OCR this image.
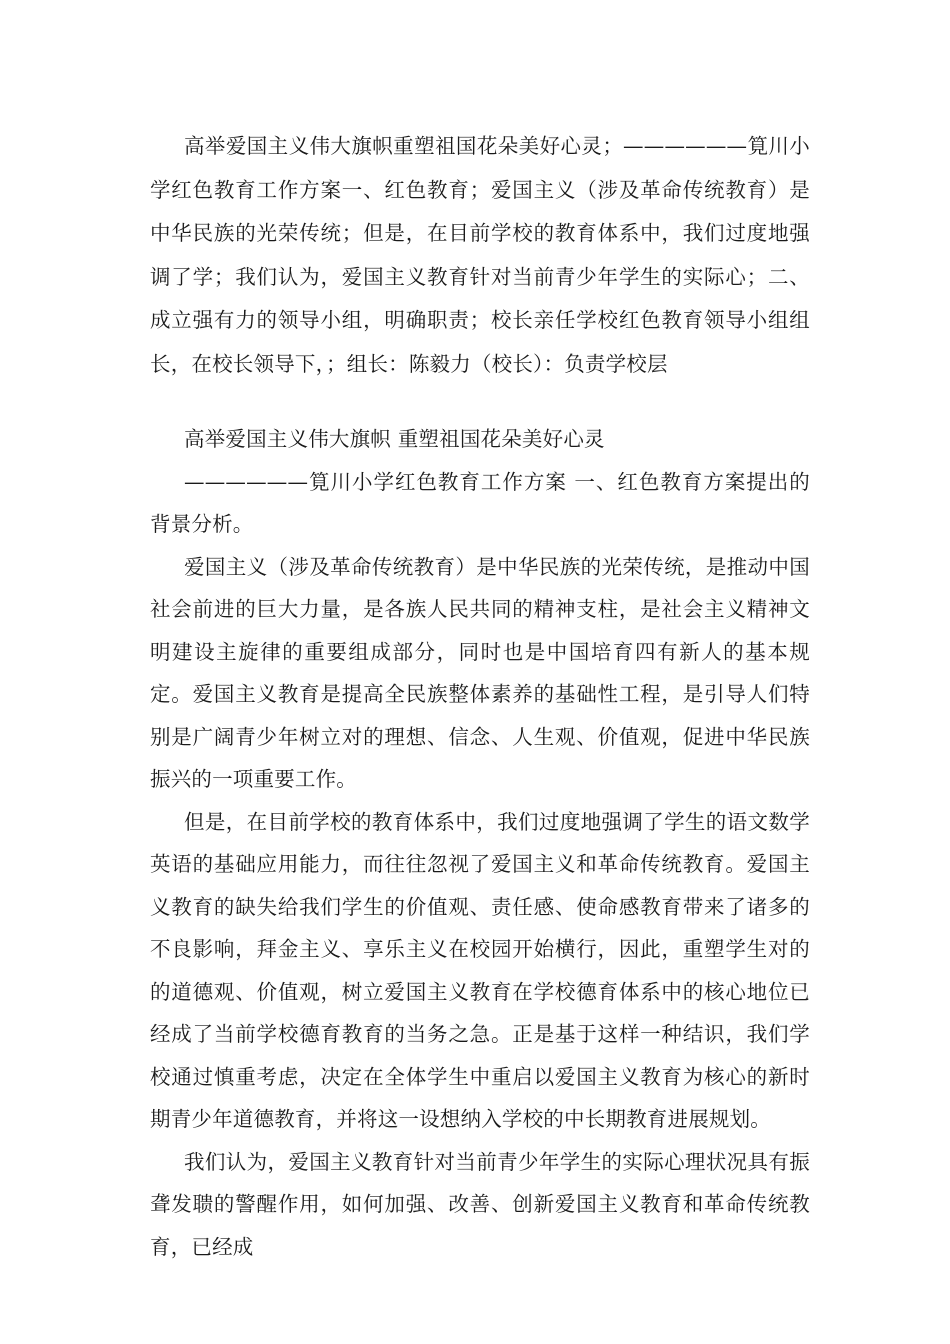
高举爱国主义伟大旗帜重塑祖国花朵美好心灵；——————筧川小学红色教育工作方案一、红色教育；爱国主义（涉及革命传统教育）是中华民族的光荣传统；但是，在目前学校的教育体系中，我们过度地强调了学；我们认为，爱国主义教育针对当前青少年学生的实际心；二、成立强有力的领导小组，明确职责；校长亲任学校红色教育领导小组组长，在校长领导下，；组长：陈毅力（校长）：负责学校层

高举爱国主义伟大旗帜 重塑祖国花朵美好心灵

——————筧川小学红色教育工作方案 一、红色教育方案提出的背景分析。

爱国主义（涉及革命传统教育）是中华民族的光荣传统，是推动中国社会前进的巨大力量，是各族人民共同的精神支柱，是社会主义精神文明建设主旋律的重要组成部分，同时也是中国培育四有新人的基本规定。爱国主义教育是提高全民族整体素养的基础性工程，是引导人们特别是广阔青少年树立对的理想、信念、人生观、价值观，促进中华民族振兴的一项重要工作。

但是，在目前学校的教育体系中，我们过度地强调了学生的语文数学英语的基础应用能力，而往往忽视了爱国主义和革命传统教育。爱国主义教育的缺失给我们学生的价值观、责任感、使命感教育带来了诸多的不良影响，拜金主义、享乐主义在校园开始横行，因此，重塑学生对的的道德观、价值观，树立爱国主义教育在学校德育体系中的核心地位已经成了当前学校德育教育的当务之急。正是基于这样一种结识，我们学校通过慎重考虑，决定在全体学生中重启以爱国主义教育为核心的新时期青少年道德教育，并将这一设想纳入学校的中长期教育进展规划。

我们认为，爱国主义教育针对当前青少年学生的实际心理状况具有振聋发聩的警醒作用，如何加强、改善、创新爱国主义教育和革命传统教育，已经成
